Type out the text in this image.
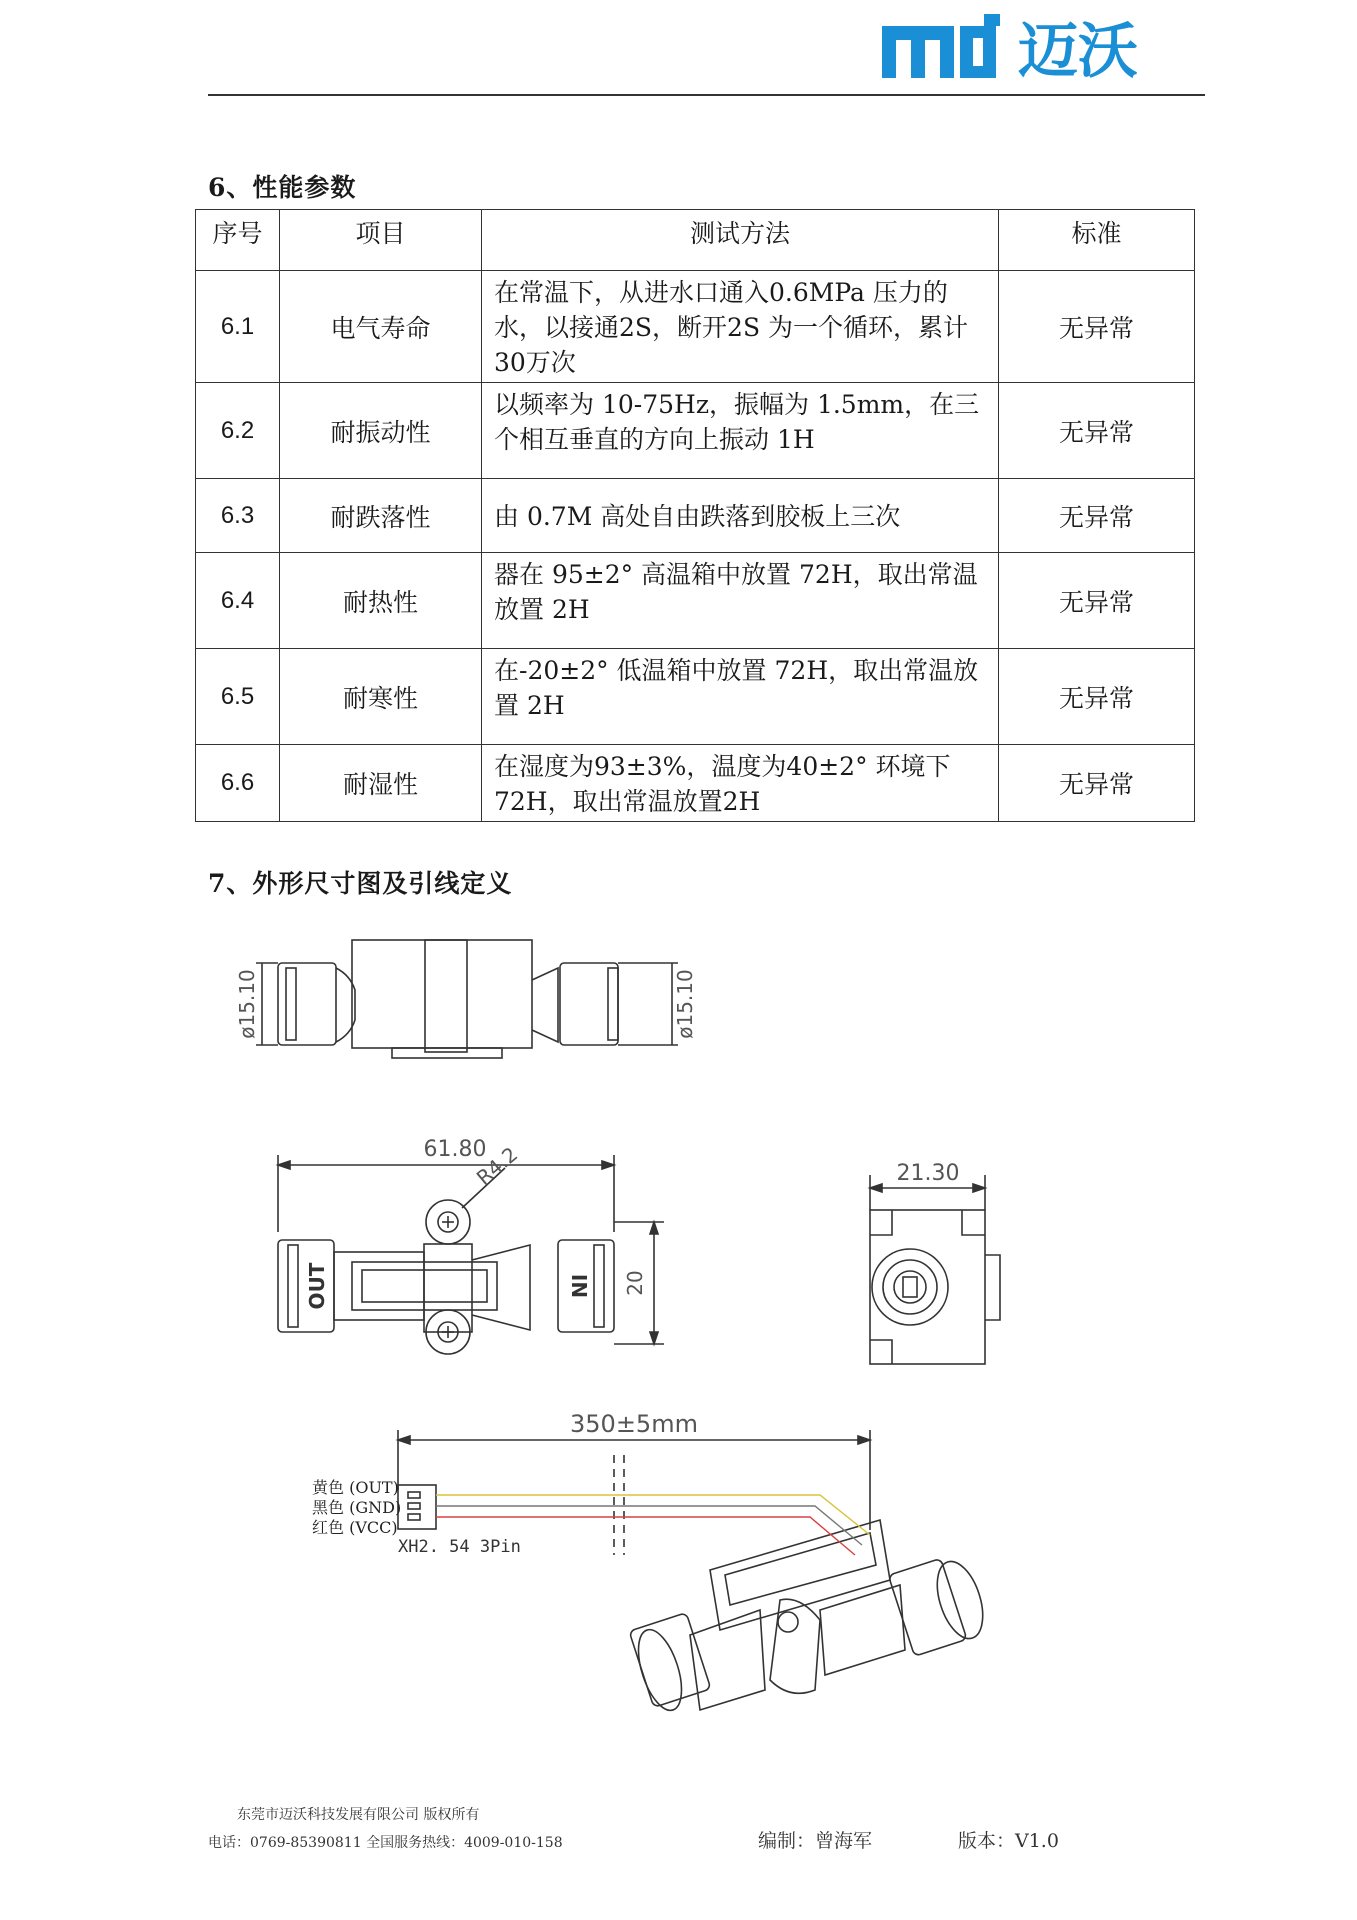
迈沃
6、性能参数
序号	项目	测试方法	标准
6.1	电气寿命	在常温下，从进水口通入0.6MPa 压力的水，以接通2S，断开2S 为一个循环，累计30万次	无异常
6.2	耐振动性	以频率为 10-75Hz，振幅为 1.5mm，在三个相互垂直的方向上振动 1H	无异常
6.3	耐跌落性	由 0.7M 高处自由跌落到胶板上三次	无异常
6.4	耐热性	器在 95±2° 高温箱中放置 72H，取出常温放置 2H	无异常
6.5	耐寒性	在-20±2° 低温箱中放置 72H，取出常温放置 2H	无异常
6.6	耐湿性	在湿度为93±3%，温度为40±2° 环境下 72H，取出常温放置2H	无异常
7、外形尺寸图及引线定义
ø15.10	ø15.10
61.80
R4.2
20
21.30
OUT	IN
350±5mm
黄色 (OUT)
黑色 (GND)
红色 (VCC)
XH2. 54 3Pin
东莞市迈沃科技发展有限公司 版权所有
电话：0769-85390811 全国服务热线：4009-010-158	编制：曾海军	版本：V1.0
